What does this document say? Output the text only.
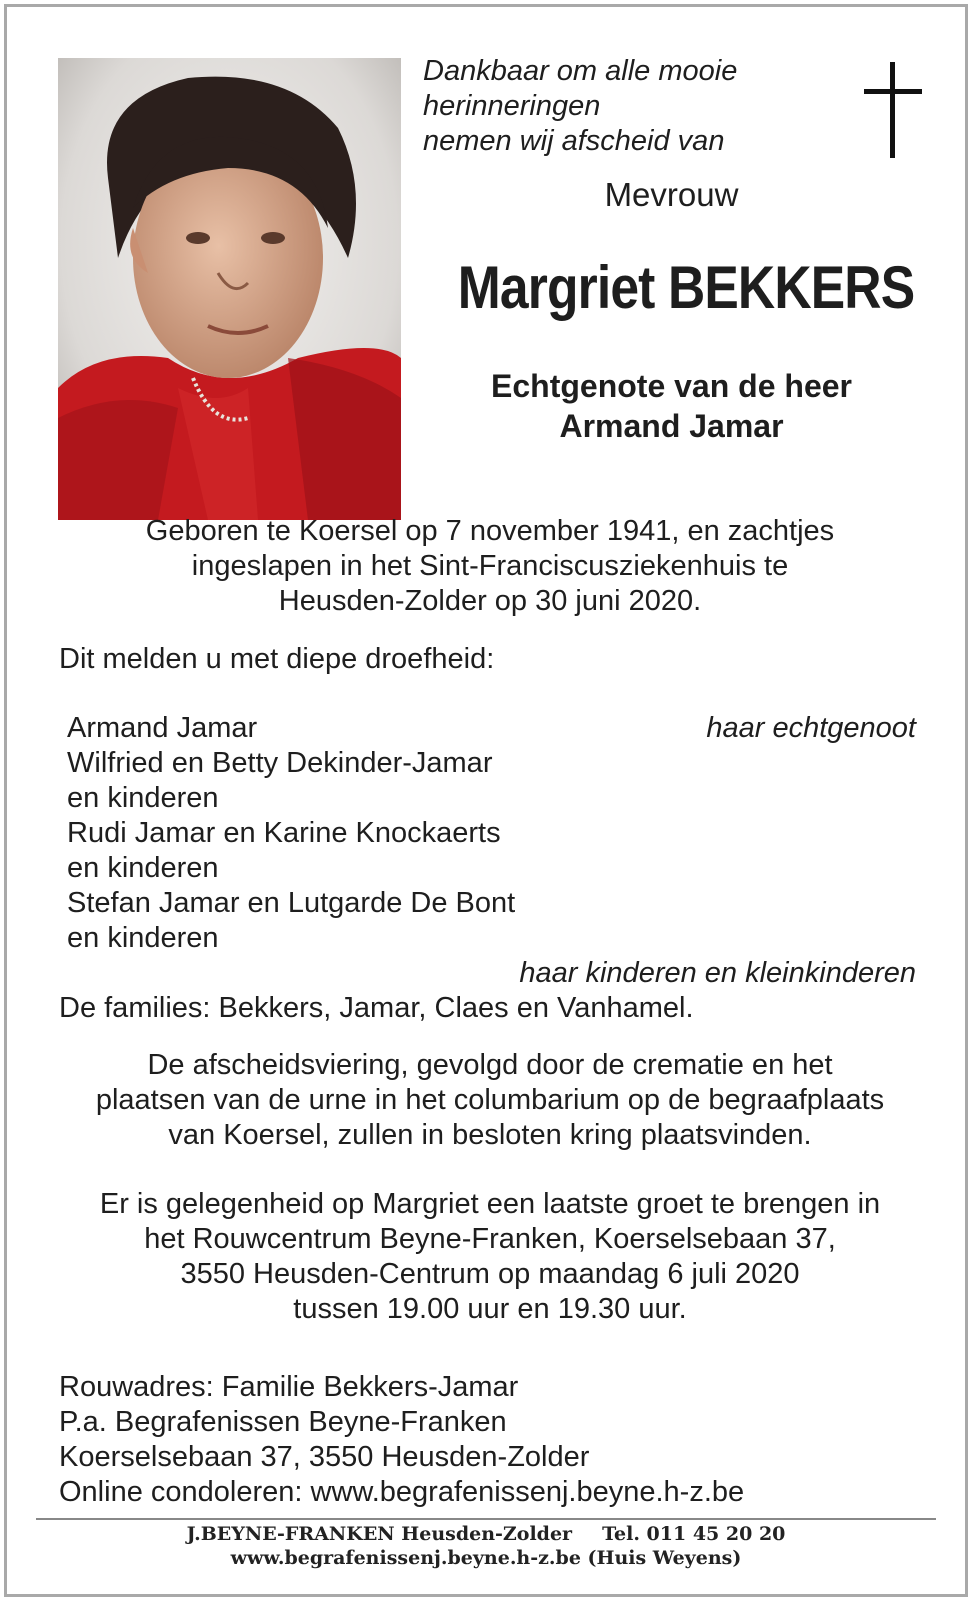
Dankbaar om alle mooie
herinneringen
nemen wij afscheid van
Mevrouw
Margriet BEKKERS
Echtgenote van de heer
Armand Jamar
Geboren te Koersel op 7 november 1941, en zachtjes
ingeslapen in het Sint-Franciscusziekenhuis te
Heusden-Zolder op 30 juni 2020.
Dit melden u met diepe droefheid:
Armand Jamar	haar echtgenoot
Wilfried en Betty Dekinder-Jamar
en kinderen
Rudi Jamar en Karine Knockaerts
en kinderen
Stefan Jamar en Lutgarde De Bont
en kinderen
haar kinderen en kleinkinderen
De families: Bekkers, Jamar, Claes en Vanhamel.
De afscheidsviering, gevolgd door de crematie en het
plaatsen van de urne in het columbarium op de begraafplaats
van Koersel, zullen in besloten kring plaatsvinden.
Er is gelegenheid op Margriet een laatste groet te brengen in
het Rouwcentrum Beyne-Franken, Koerselsebaan 37,
3550 Heusden-Centrum op maandag 6 juli 2020
tussen 19.00 uur en 19.30 uur.
Rouwadres: Familie Bekkers-Jamar
P.a. Begrafenissen Beyne-Franken
Koerselsebaan 37, 3550 Heusden-Zolder
Online condoleren: www.begrafenissenj.beyne.h-z.be
J.BEYNE-FRANKEN Heusden-Zolder Tel. 011 45 20 20
www.begrafenissenj.beyne.h-z.be (Huis Weyens)
